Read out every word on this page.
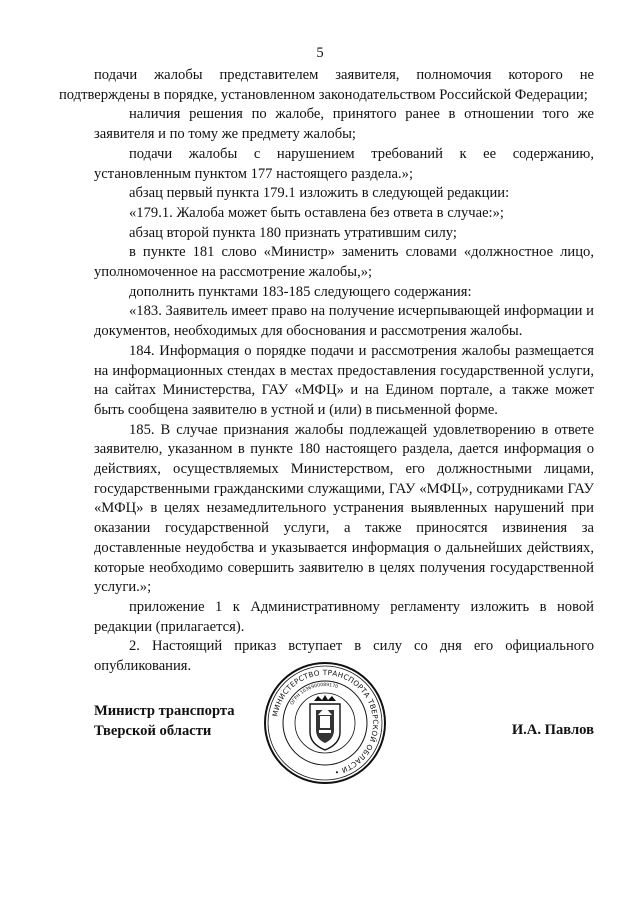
5

подачи жалобы представителем заявителя, полномочия которого не подтверждены в порядке, установленном законодательством Российской Федерации;

наличия решения по жалобе, принятого ранее в отношении того же заявителя и по тому же предмету жалобы;

подачи жалобы с нарушением требований к ее содержанию, установленным пунктом 177 настоящего раздела.»;

абзац первый пункта 179.1 изложить в следующей редакции:

«179.1. Жалоба может быть оставлена без ответа в случае:»;

абзац второй пункта 180 признать утратившим силу;

в пункте 181 слово «Министр» заменить словами «должностное лицо, уполномоченное на рассмотрение жалобы,»;

дополнить пунктами 183-185 следующего содержания:

«183. Заявитель имеет право на получение исчерпывающей информации и документов, необходимых для обоснования и рассмотрения жалобы.

184. Информация о порядке подачи и рассмотрения жалобы размещается на информационных стендах в местах предоставления государственной услуги, на сайтах Министерства, ГАУ «МФЦ» и на Едином портале, а также может быть сообщена заявителю в устной и (или) в письменной форме.

185. В случае признания жалобы подлежащей удовлетворению в ответе заявителю, указанном в пункте 180 настоящего раздела, дается информация о действиях, осуществляемых Министерством, его должностными лицами, государственными гражданскими служащими, ГАУ «МФЦ», сотрудниками ГАУ «МФЦ» в целях незамедлительного устранения выявленных нарушений при оказании государственной услуги, а также приносятся извинения за доставленные неудобства и указывается информация о дальнейших действиях, которые необходимо совершить заявителю в целях получения государственной услуги.»;

приложение 1 к Административному регламенту изложить в новой редакции (прилагается).

2. Настоящий приказ вступает в силу со дня его официального опубликования.

Министр транспорта
Тверской области
МИНИСТЕРСТВО ТРАНСПОРТА ТВЕРСКОЙ ОБЛАСТИ •
ОГРН 1036900089170
И.А. Павлов
